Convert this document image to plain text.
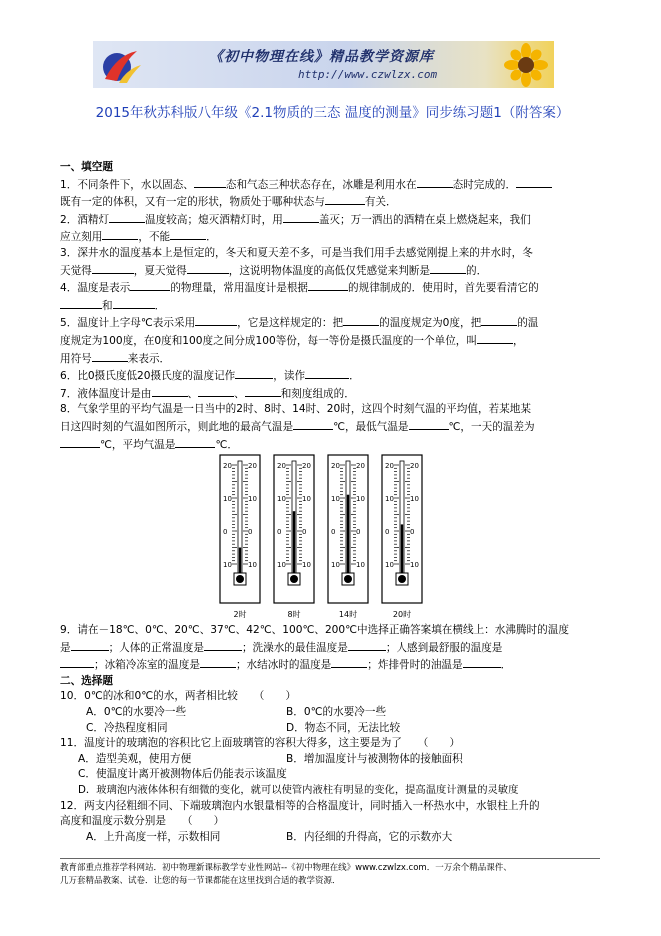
《初中物理在线》精品教学资源库
http://www.czwlzx.com
2015年秋苏科版八年级《2.1物质的三态 温度的测量》同步练习题1（附答案）

一、填空题

1．不同条件下，水以固态、	态和气态三种状态存在，冰雕是利用水在	态时完成的．

既有一定的体积，又有一定的形状，物质处于哪种状态与	有关．

2．酒精灯	温度较高；熄灭酒精灯时，用	盖灭；万一洒出的酒精在桌上燃烧起来，我们

应立刻用	，不能	．

3．深井水的温度基本上是恒定的，冬天和夏天差不多，可是当我们用手去感觉刚提上来的井水时，冬

天觉得	，夏天觉得	，这说明物体温度的高低仅凭感觉来判断是	的．

4．温度是表示	的物理量，常用温度计是根据	的规律制成的．使用时，首先要看清它的

和	．

5．温度计上字母℃表示采用	，它是这样规定的：把	的温度规定为0度，把	的温

度规定为100度，在0度和100度之间分成100等份，每一等份是摄氏温度的一个单位，叫	，

用符号	来表示．

6．比0摄氏度低20摄氏度的温度记作	，读作	．

7．液体温度计是由	、	、	和刻度组成的．

8．气象学里的平均气温是一日当中的2时、8时、14时、20时，这四个时刻气温的平均值，若某地某

日这四时刻的气温如图所示，则此地的最高气温是	℃，最低气温是	℃，一天的温差为

℃，平均气温是	℃．

20 20
10 10
0	0
10 10
2时
20 20
10 10
0	0
10 10
8时
20 20
10 10
0	0
10 10
14时
20 20
10 10
0	0
10 10
20时

9．请在－18℃、0℃、20℃、37℃、42℃、100℃、200℃中选择正确答案填在横线上：水沸腾时的温度

是	；人体的正常温度是	；洗澡水的最佳温度是	；人感到最舒服的温度是

；冰箱冷冻室的温度是	；水结冰时的温度是	；炸排骨时的油温是	．

二、选择题

10．0℃的冰和0℃的水，两者相比较　　（　　）

A．0℃的水要冷一些	B．0℃的水要冷一些
C．冷热程度相同	D．物态不同，无法比较

11．温度计的玻璃泡的容积比它上面玻璃管的容积大得多，这主要是为了　　（　　）

A．造型美观，使用方便	B．增加温度计与被测物体的接触面积

C．使温度计离开被测物体后仍能表示该温度

D．玻璃泡内液体体积有细微的变化，就可以使管内液柱有明显的变化，提高温度计测量的灵敏度

12．两支内径粗细不同、下端玻璃泡内水银量相等的合格温度计，同时插入一杯热水中，水银柱上升的

高度和温度示数分别是　　（　　）

A．上升高度一样，示数相同	B．内径细的升得高，它的示数亦大
教育部重点推荐学科网站．初中物理新课标教学专业性网站--《初中物理在线》www.czwlzx.com．一万余个精品课件、
几万套精品教案、试卷．让您的每一节课都能在这里找到合适的教学资源．
